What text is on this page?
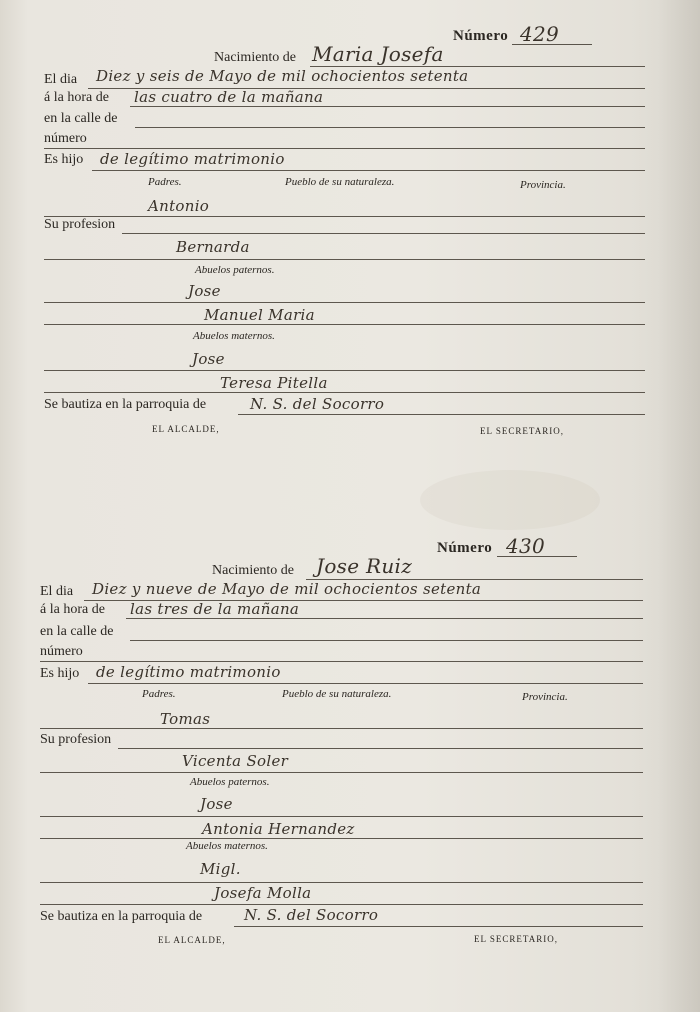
Número 429
Nacimiento de Maria Josefa
El dia Diez y seis de Mayo de mil ochocientos setenta
á la hora de las cuatro de la mañana
en la calle de
número
Es hijo de legítimo matrimonio
Padres.	Pueblo de su naturaleza.	Provincia.
Antonio
Su profesion
Bernarda
Abuelos paternos.
Jose
Manuel Maria
Abuelos maternos.
Jose
Teresa Pitella
Se bautiza en la parroquia de	N. S. del Socorro
EL ALCALDE,	EL SECRETARIO,
Número 430
Nacimiento de Jose Ruiz
El dia Diez y nueve de Mayo de mil ochocientos setenta
á la hora de las tres de la mañana
en la calle de
número
Es hijo de legítimo matrimonio
Padres.	Pueblo de su naturaleza.	Provincia.
Tomas
Su profesion
Vicenta Soler
Abuelos paternos.
Jose
Antonia Hernandez
Abuelos maternos.
Migl.
Josefa Molla
Se bautiza en la parroquia de	N. S. del Socorro
EL ALCALDE,	EL SECRETARIO,
